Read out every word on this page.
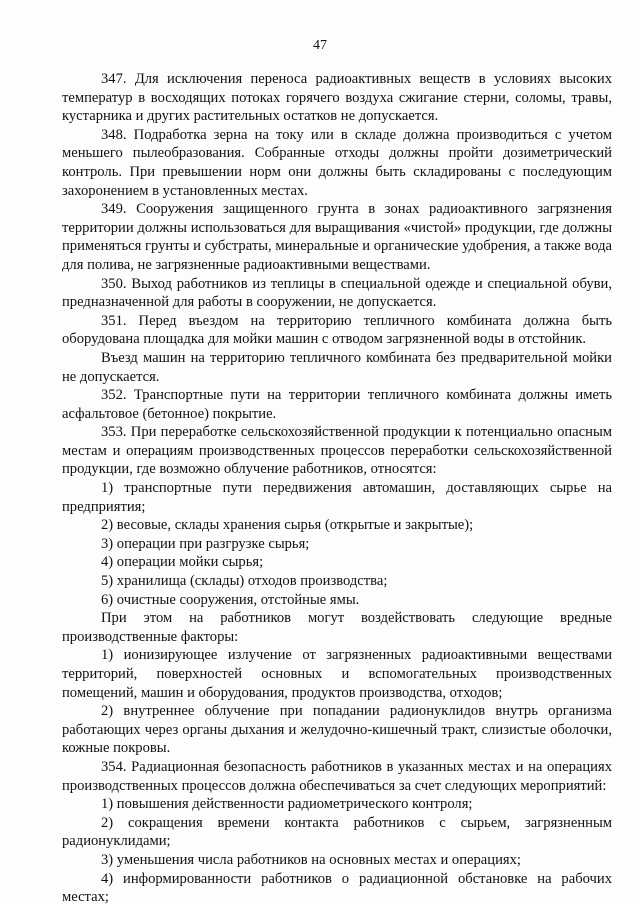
47

347. Для исключения переноса радиоактивных веществ в условиях высоких температур в восходящих потоках горячего воздуха сжигание стерни, соломы, травы, кустарника и других растительных остатков не допускается.

348. Подработка зерна на току или в складе должна производиться с учетом меньшего пылеобразования. Собранные отходы должны пройти дозиметрический контроль. При превышении норм они должны быть складированы с последующим захоронением в установленных местах.

349. Сооружения защищенного грунта в зонах радиоактивного загрязнения территории должны использоваться для выращивания «чистой» продукции, где должны применяться грунты и субстраты, минеральные и органические удобрения, а также вода для полива, не загрязненные радиоактивными веществами.

350. Выход работников из теплицы в специальной одежде и специальной обуви, предназначенной для работы в сооружении, не допускается.

351. Перед въездом на территорию тепличного комбината должна быть оборудована площадка для мойки машин с отводом загрязненной воды в отстойник.

Въезд машин на территорию тепличного комбината без предварительной мойки не допускается.

352. Транспортные пути на территории тепличного комбината должны иметь асфальтовое (бетонное) покрытие.

353. При переработке сельскохозяйственной продукции к потенциально опасным местам и операциям производственных процессов переработки сельскохозяйственной продукции, где возможно облучение работников, относятся:

1) транспортные пути передвижения автомашин, доставляющих сырье на предприятия;

2) весовые, склады хранения сырья (открытые и закрытые);

3) операции при разгрузке сырья;

4) операции мойки сырья;

5) хранилища (склады) отходов производства;

6) очистные сооружения, отстойные ямы.

При этом на работников могут воздействовать следующие вредные производственные факторы:

1) ионизирующее излучение от загрязненных радиоактивными веществами территорий, поверхностей основных и вспомогательных производственных помещений, машин и оборудования, продуктов производства, отходов;

2) внутреннее облучение при попадании радионуклидов внутрь организма работающих через органы дыхания и желудочно-кишечный тракт, слизистые оболочки, кожные покровы.

354. Радиационная безопасность работников в указанных местах и на операциях производственных процессов должна обеспечиваться за счет следующих мероприятий:

1) повышения действенности радиометрического контроля;

2) сокращения времени контакта работников с сырьем, загрязненным радионуклидами;

3) уменьшения числа работников на основных местах и операциях;

4) информированности работников о радиационной обстановке на рабочих местах;
